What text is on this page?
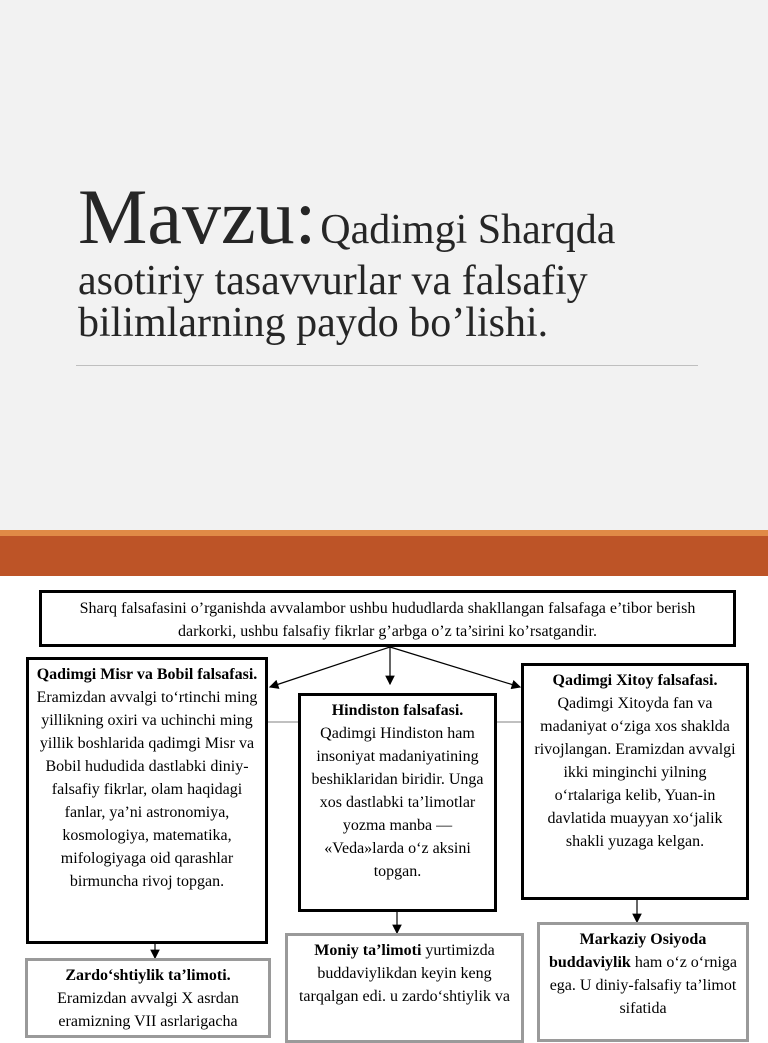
Mavzu: Qadimgi Sharqda
asotiriy tasavvurlar va falsafiy bilimlarning paydo bo’lishi.
Sharq falsafasini o’rganishda avvalambor ushbu hududlarda shakllangan falsafaga e’tibor berish darkorki, ushbu falsafiy fikrlar g’arbga o’z ta’sirini ko’rsatgandir.
Qadimgi Misr va Bobil falsafasi. Eramizdan avvalgi to‘rtinchi ming yillikning oxiri va uchinchi ming yillik boshlarida qadimgi Misr va Bobil hududida dastlabki diniy-falsafiy fikrlar, olam haqidagi fanlar, ya’ni astronomiya, kosmologiya, matematika, mifologiyaga oid qarashlar birmuncha rivoj topgan.
Hindiston falsafasi. Qadimgi Hindiston ham insoniyat madaniyatining beshiklaridan biridir. Unga xos dastlabki ta’limotlar yozma manba — «Veda»larda o‘z aksini topgan.
Qadimgi Xitoy falsafasi. Qadimgi Xitoyda fan va madaniyat o‘ziga xos shaklda rivojlangan. Eramizdan avvalgi ikki minginchi yilning o‘rtalariga kelib, Yuan-in davlatida muayyan xo‘jalik shakli yuzaga kelgan.
Zardo‘shtiylik ta’limoti. Eramizdan avvalgi X asrdan eramizning VII asrlarigacha
Moniy ta’limoti yurtimizda buddaviylikdan keyin keng tarqalgan edi. u zardo‘shtiylik va
Markaziy Osiyoda buddaviylik ham o‘z o‘rniga ega. U diniy-falsafiy ta’limot sifatida
